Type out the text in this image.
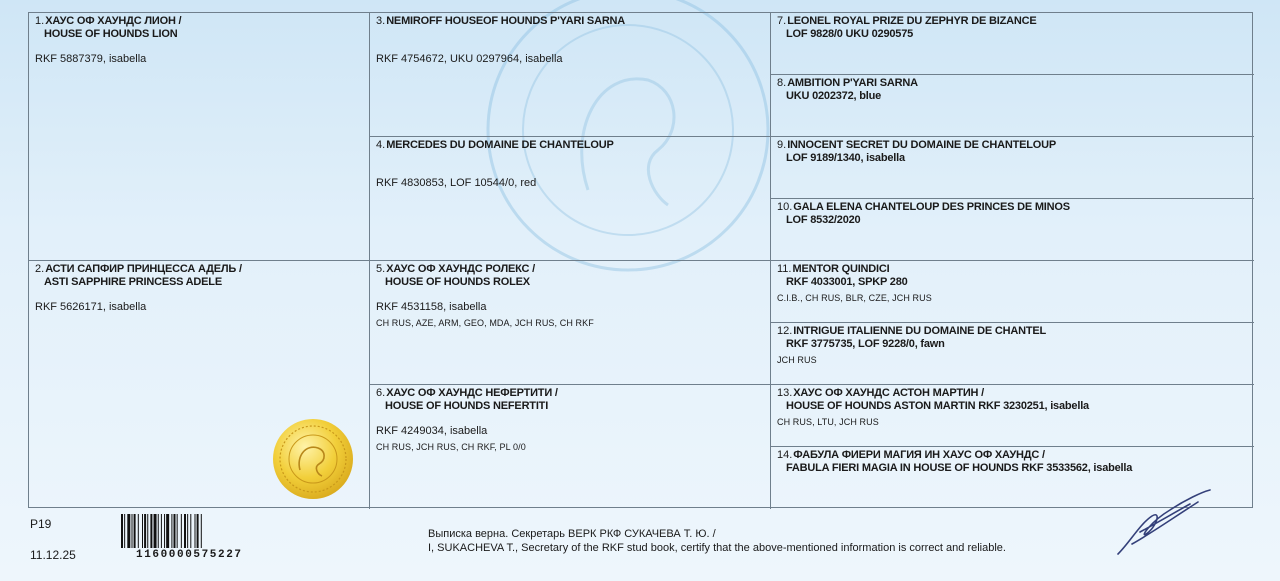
1. ХАУС ОФ ХАУНДС ЛИОН /
HOUSE OF HOUNDS LION
RKF 5887379, isabella
2. АСТИ САПФИР ПРИНЦЕССА АДЕЛЬ /
ASTI SAPPHIRE PRINCESS ADELE
RKF 5626171, isabella
3. NEMIROFF HOUSEOF HOUNDS P'YARI SARNA
RKF 4754672, UKU 0297964, isabella
4. MERCEDES DU DOMAINE DE CHANTELOUP
RKF 4830853, LOF 10544/0, red
5. ХАУС ОФ ХАУНДС РОЛЕКС /
HOUSE OF HOUNDS ROLEX
RKF 4531158, isabella
CH RUS, AZE, ARM, GEO, MDA, JCH RUS, CH RKF
6. ХАУС ОФ ХАУНДС НЕФЕРТИТИ /
HOUSE OF HOUNDS NEFERTITI
RKF 4249034, isabella
CH RUS, JCH RUS, CH RKF, PL 0/0
7. LEONEL ROYAL PRIZE DU ZEPHYR DE BIZANCE
LOF 9828/0 UKU 0290575
8. AMBITION P'YARI SARNA
UKU 0202372, blue
9. INNOCENT SECRET DU DOMAINE DE CHANTELOUP
LOF 9189/1340, isabella
10. GALA ELENA CHANTELOUP DES PRINCES DE MINOS
LOF 8532/2020
11. MENTOR QUINDICI
RKF 4033001, SPKP 280
C.I.B., CH RUS, BLR, CZE, JCH RUS
12. INTRIGUE ITALIENNE DU DOMAINE DE CHANTEL
RKF 3775735, LOF 9228/0, fawn
JCH RUS
13. ХАУС ОФ ХАУНДС АСТОН МАРТИН /
HOUSE OF HOUNDS ASTON MARTIN RKF 3230251, isabella
CH RUS, LTU, JCH RUS
14. ФАБУЛА ФИЕРИ МАГИЯ ИН ХАУС ОФ ХАУНДС /
FABULA FIERI MAGIA IN HOUSE OF HOUNDS RKF 3533562, isabella
P19
11.12.25	1160000575227
Выписка верна. Секретарь ВЕРК РКФ СУКАЧЕВА Т. Ю. /
I, SUKACHEVA T., Secretary of the RKF stud book, certify that the above-mentioned information is correct and reliable.
